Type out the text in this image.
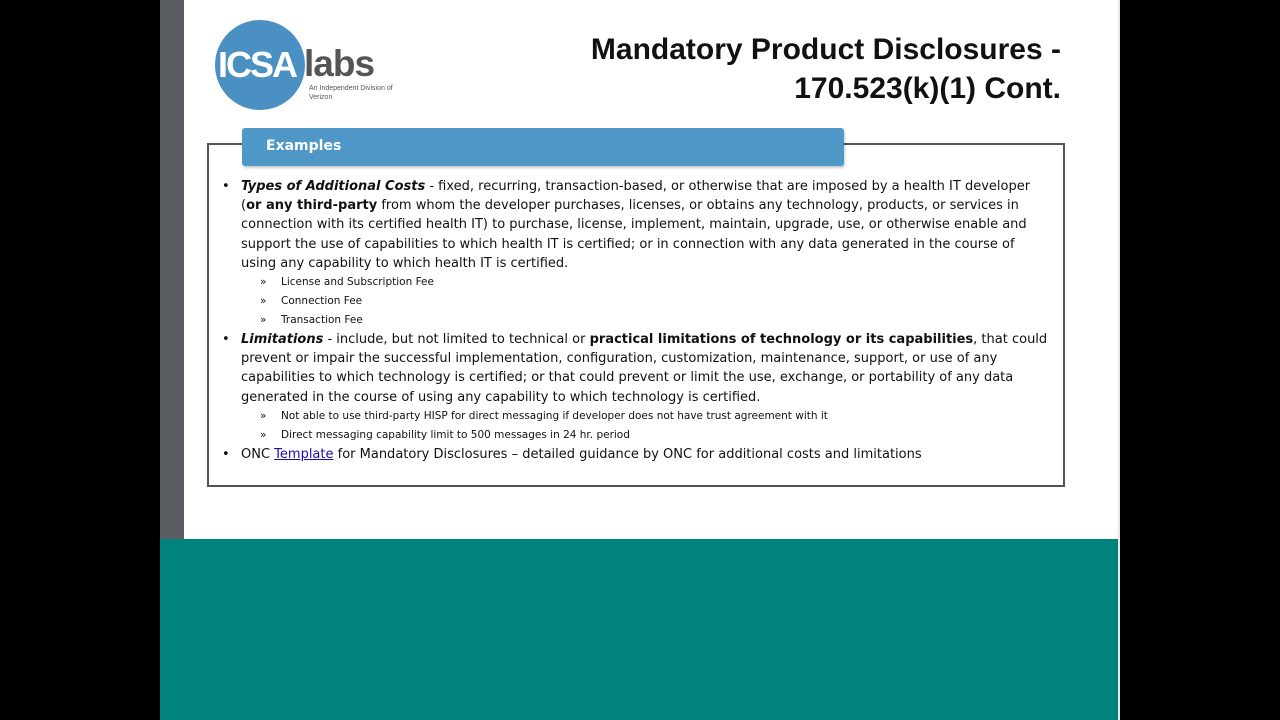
ICSA labs
An Independent Division of Verizon
Mandatory Product Disclosures -
170.523(k)(1) Cont.
Examples

• Types of Additional Costs - fixed, recurring, transaction-based, or otherwise that are imposed by a health IT developer (or any third-party from whom the developer purchases, licenses, or obtains any technology, products, or services in connection with its certified health IT) to purchase, license, implement, maintain, upgrade, use, or otherwise enable and support the use of capabilities to which health IT is certified; or in connection with any data generated in the course of using any capability to which health IT is certified.

»	License and Subscription Fee

»	Connection Fee

»	Transaction Fee

• Limitations - include, but not limited to technical or practical limitations of technology or its capabilities, that could prevent or impair the successful implementation, configuration, customization, maintenance, support, or use of any capabilities to which technology is certified; or that could prevent or limit the use, exchange, or portability of any data generated in the course of using any capability to which technology is certified.

»	Not able to use third-party HISP for direct messaging if developer does not have trust agreement with it

»	Direct messaging capability limit to 500 messages in 24 hr. period

• ONC Template for Mandatory Disclosures – detailed guidance by ONC for additional costs and limitations
